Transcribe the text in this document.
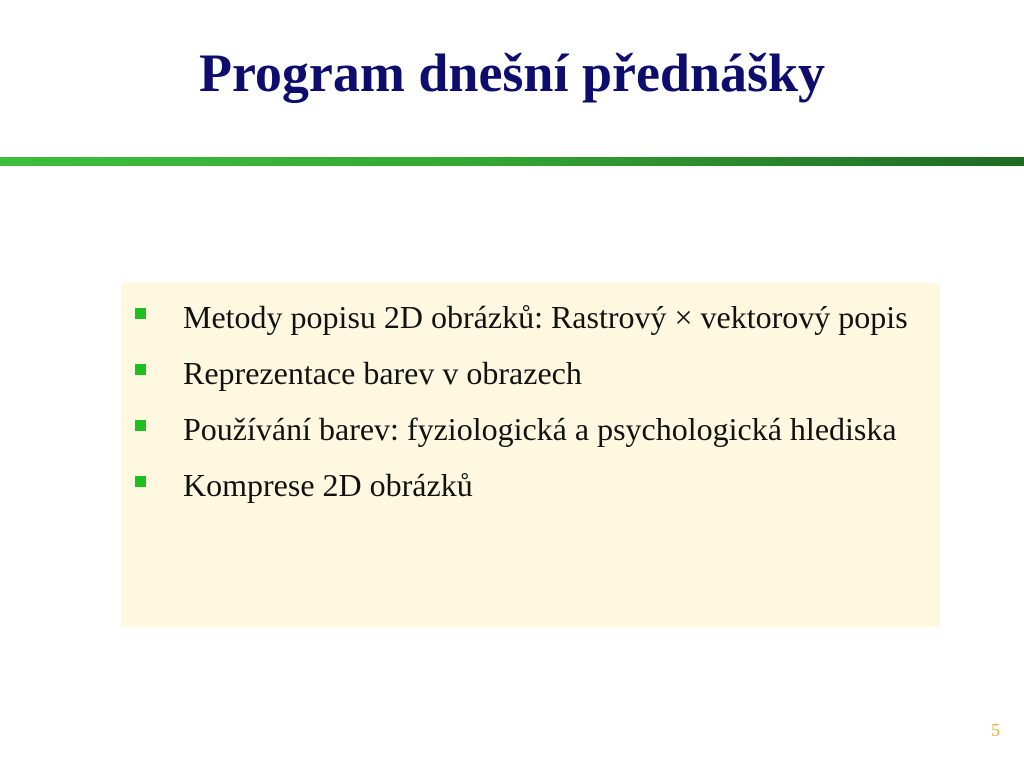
Program dnešní přednášky
Metody popisu 2D obrázků: Rastrový × vektorový popis
Reprezentace barev v obrazech
Používání barev: fyziologická a psychologická hlediska
Komprese 2D obrázků
5
